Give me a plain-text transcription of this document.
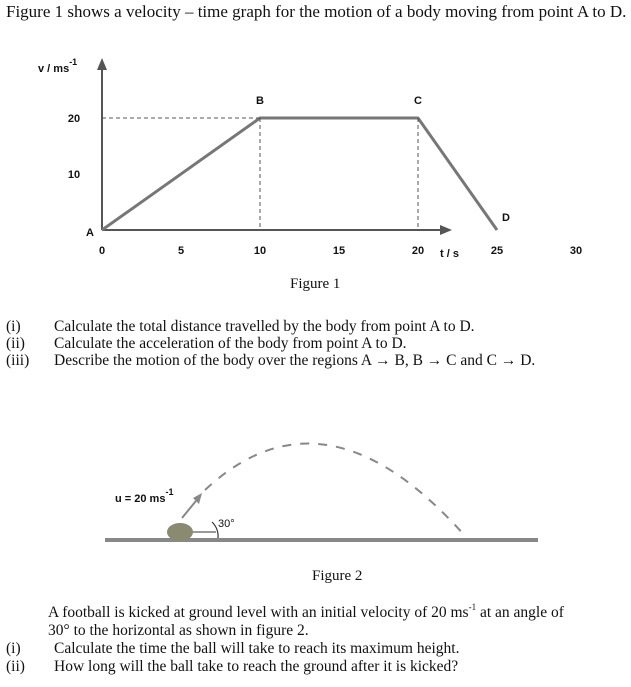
Figure 1 shows a velocity – time graph for the motion of a body moving from point A to D.
0	5	10	15	20	25	30
10
20
A
B	C
D
v / $ms^{-1}$
t / s
Figure 1
(i) Calculate the total distance travelled by the body from point A to D.
(ii) Calculate the acceleration of the body from point A to D.
(iii) Describe the motion of the body over the regions A → B, B → C and C → D.
u = 20 $ms^{-1}$
30°
Figure 2
A football is kicked at ground level with an initial velocity of 20 $ms^{-1}$ at an angle of
30° to the horizontal as shown in figure 2.
(i) Calculate the time the ball will take to reach its maximum height.
(ii) How long will the ball take to reach the ground after it is kicked?
